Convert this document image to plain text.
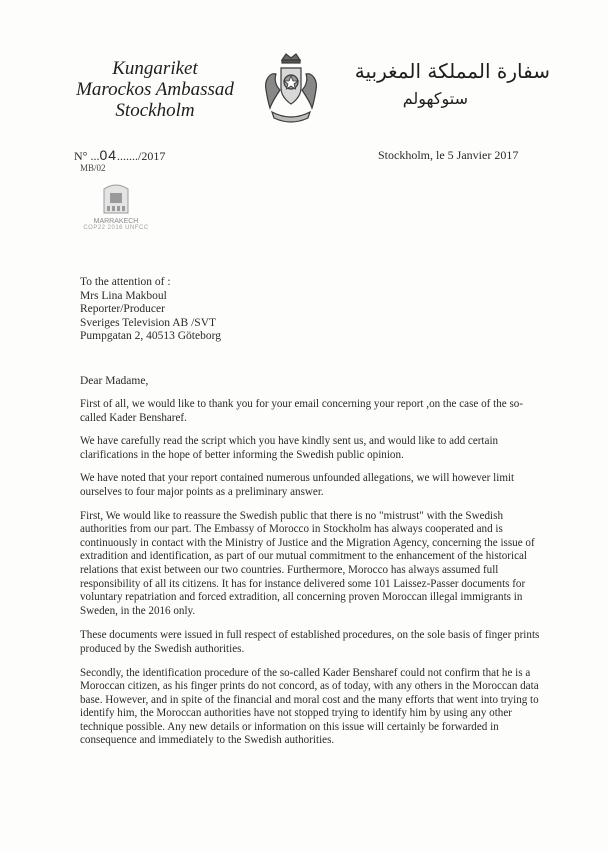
Kungariket
Marockos Ambassad
Stockholm
سفارة المملكة المغربية
ستوكهولم
N° ...04......./2017
MB/02
Stockholm, le 5 Janvier 2017
MARRAKECH
COP22 2016 UNFCC
To the attention of :
Mrs Lina Makboul
Reporter/Producer
Sveriges Television AB /SVT
Pumpgatan 2, 40513 Göteborg
Dear Madame,

First of all, we would like to thank you for your email concerning your report ,on the case of the so-called Kader Bensharef.

We have carefully read the script which you have kindly sent us, and would like to add certain clarifications in the hope of better informing the Swedish public opinion.

We have noted that your report contained numerous unfounded allegations, we will however limit ourselves to four major points as a preliminary answer.

First, We would like to reassure the Swedish public that there is no "mistrust" with the Swedish authorities from our part. The Embassy of Morocco in Stockholm has always cooperated and is continuously in contact with the Ministry of Justice and the Migration Agency, concerning the issue of extradition and identification, as part of our mutual commitment to the enhancement of the historical relations that exist between our two countries. Furthermore, Morocco has always assumed full responsibility of all its citizens. It has for instance delivered some 101 Laissez-Passer documents for voluntary repatriation and forced extradition, all concerning proven Moroccan illegal immigrants in Sweden, in the 2016 only.

These documents were issued in full respect of established procedures, on the sole basis of finger prints produced by the Swedish authorities.

Secondly, the identification procedure of the so-called Kader Bensharef could not confirm that he is a Moroccan citizen, as his finger prints do not concord, as of today, with any others in the Moroccan data base. However, and in spite of the financial and moral cost and the many efforts that went into trying to identify him, the Moroccan authorities have not stopped trying to identify him by using any other technique possible. Any new details or information on this issue will certainly be forwarded in consequence and immediately to the Swedish authorities.
